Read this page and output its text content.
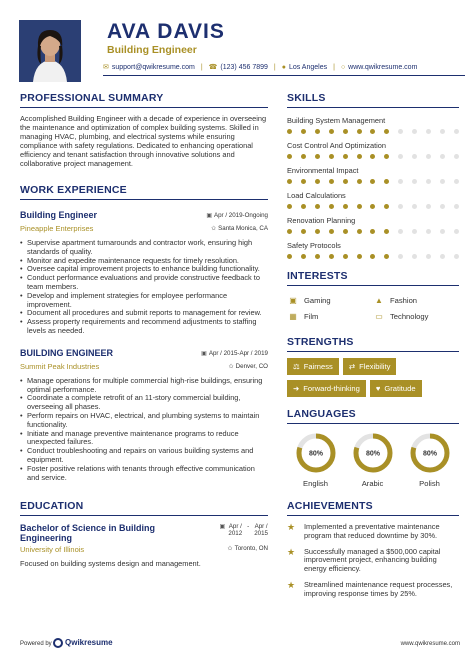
AVA DAVIS
Building Engineer
✉ support@qwikresume.com | ☎ (123) 456 7899 | ● Los Angeles | ○ www.qwikresume.com
PROFESSIONAL SUMMARY
Accomplished Building Engineer with a decade of experience in overseeing the maintenance and optimization of complex building systems. Skilled in managing HVAC, plumbing, and electrical systems while ensuring compliance with safety regulations. Dedicated to enhancing operational efficiency and tenant satisfaction through innovative solutions and collaborative project management.
WORK EXPERIENCE
Building Engineer
Pineapple Enterprises
▣ Apr / 2019-Ongoing
✩ Santa Monica, CA
• Supervise apartment turnarounds and contractor work, ensuring high standards of quality.
• Monitor and expedite maintenance requests for timely resolution.
• Oversee capital improvement projects to enhance building functionality.
• Conduct performance evaluations and provide constructive feedback to team members.
• Develop and implement strategies for employee performance improvement.
• Document all procedures and submit reports to management for review.
• Assess property requirements and recommend adjustments to staffing levels as needed.
BUILDING ENGINEER
Summit Peak Industries
▣ Apr / 2015-Apr / 2019
✩ Denver, CO
• Manage operations for multiple commercial high-rise buildings, ensuring optimal performance.
• Coordinate a complete retrofit of an 11-story commercial building, overseeing all phases.
• Perform repairs on HVAC, electrical, and plumbing systems to maintain functionality.
• Initiate and manage preventive maintenance programs to reduce unexpected failures.
• Conduct troubleshooting and repairs on various building systems and equipment.
• Foster positive relations with tenants through effective communication and service.
EDUCATION
Bachelor of Science in Building
Engineering
University of Illinois
▣ Apr /
2012
- Apr /
2015
✩ Toronto, ON
Focused on building systems design and management.
SKILLS
Building System Management
Cost Control And Optimization
Environmental Impact
Load Calculations
Renovation Planning
Safety Protocols
INTERESTS
▣ Gaming	▲ Fashion
▦ Film	▭ Technology
STRENGTHS
⚖ Fairness ⇄ Flexibility
➜ Forward-thinking ♥ Gratitude
LANGUAGES
80%
English
80%
Arabic
80%
Polish
ACHIEVEMENTS
★ Implemented a preventative maintenance program that reduced downtime by 30%.
★ Successfully managed a $500,000 capital improvement project, enhancing building energy efficiency.
★ Streamlined maintenance request processes, improving response times by 25%.
Powered by	Qwikresume	www.qwikresume.com
